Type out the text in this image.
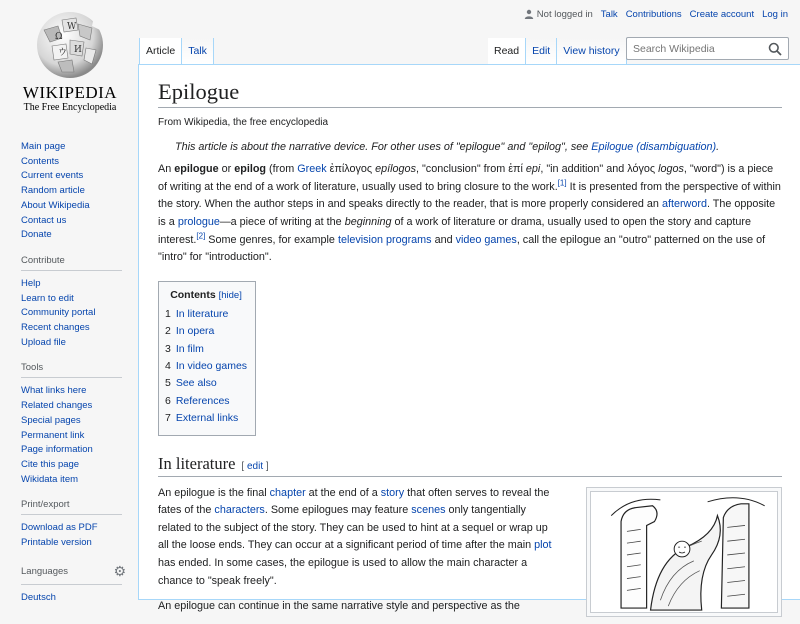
Ω
W
ウ И
WIKIPEDIA
The Free Encyclopedia
Main page
Contents
Current events
Random article
About Wikipedia
Contact us
Donate
Contribute
Help
Learn to edit
Community portal
Recent changes
Upload file
Tools
What links here
Related changes
Special pages
Permanent link
Page information
Cite this page
Wikidata item
Print/export
Download as PDF
Printable version
Languages	⚙
Deutsch
Not logged in Talk Contributions Create account Log in
Article	Talk	Read	Edit	View history
Search Wikipedia
Epilogue
From Wikipedia, the free encyclopedia
This article is about the narrative device. For other uses of "epilogue" and "epilog", see Epilogue (disambiguation).

An epilogue or epilog (from Greek ἐπίλογος epílogos, "conclusion" from ἐπί epi, "in addition" and λόγος logos, "word") is a piece of writing at the end of a work of literature, usually used to bring closure to the work.[1] It is presented from the perspective of within the story. When the author steps in and speaks directly to the reader, that is more properly considered an afterword. The opposite is a prologue—a piece of writing at the beginning of a work of literature or drama, usually used to open the story and capture interest.[2] Some genres, for example television programs and video games, call the epilogue an "outro" patterned on the use of "intro" for "introduction".

Contents [hide]
1 In literature
2 In opera
3 In film
4 In video games
5 See also
6 References
7 External links
In literature [ edit ]

An epilogue is the final chapter at the end of a story that often serves to reveal the fates of the characters. Some epilogues may feature scenes only tangentially related to the subject of the story. They can be used to hint at a sequel or wrap up all the loose ends. They can occur at a significant period of time after the main plot has ended. In some cases, the epilogue is used to allow the main character a chance to "speak freely".

An epilogue can continue in the same narrative style and perspective as the
